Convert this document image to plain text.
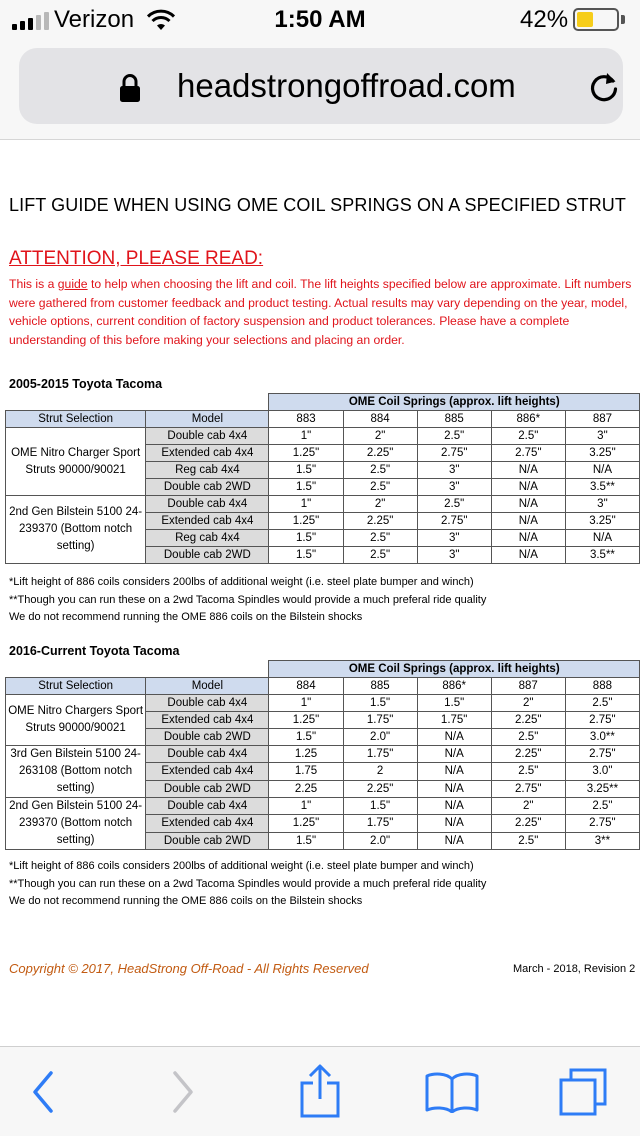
Verizon	1:50 AM	42%
headstrongoffroad.com
LIFT GUIDE WHEN USING OME COIL SPRINGS ON A SPECIFIED STRUT
ATTENTION, PLEASE READ:
This is a guide to help when choosing the lift and coil. The lift heights specified below are approximate. Lift numbers were gathered from customer feedback and product testing. Actual results may vary depending on the year, model, vehicle options, current condition of factory suspension and product tolerances. Please have a complete understanding of this before making your selections and placing an order.
2005-2015 Toyota Tacoma
		OME Coil Springs (approx. lift heights)				
Strut Selection	Model	883	884	885	886*	887
OME Nitro Charger Sport Struts 90000/90021	Double cab 4x4	1"	2"	2.5"	2.5"	3"
	Extended cab 4x4	1.25"	2.25"	2.75"	2.75"	3.25"
	Reg cab 4x4	1.5"	2.5"	3"	N/A	N/A
	Double cab 2WD	1.5"	2.5"	3"	N/A	3.5**
2nd Gen Bilstein 5100 24-239370 (Bottom notch setting)	Double cab 4x4	1"	2"	2.5"	N/A	3"
	Extended cab 4x4	1.25"	2.25"	2.75"	N/A	3.25"
	Reg cab 4x4	1.5"	2.5"	3"	N/A	N/A
	Double cab 2WD	1.5"	2.5"	3"	N/A	3.5**
*Lift height of 886 coils considers 200lbs of additional weight (i.e. steel plate bumper and winch)
**Though you can run these on a 2wd Tacoma Spindles would provide a much preferal ride quality
We do not recommend running the OME 886 coils on the Bilstein shocks
2016-Current Toyota Tacoma
		OME Coil Springs (approx. lift heights)				
Strut Selection	Model	884	885	886*	887	888
OME Nitro Chargers Sport Struts 90000/90021	Double cab 4x4	1"	1.5"	1.5"	2"	2.5"
	Extended cab 4x4	1.25"	1.75"	1.75"	2.25"	2.75"
	Double cab 2WD	1.5"	2.0"	N/A	2.5"	3.0**
3rd Gen Bilstein 5100 24-263108 (Bottom notch setting)	Double cab 4x4	1.25	1.75"	N/A	2.25"	2.75"
	Extended cab 4x4	1.75	2	N/A	2.5"	3.0"
	Double cab 2WD	2.25	2.25"	N/A	2.75"	3.25**
2nd Gen Bilstein 5100 24-239370 (Bottom notch setting)	Double cab 4x4	1"	1.5"	N/A	2"	2.5"
	Extended cab 4x4	1.25"	1.75"	N/A	2.25"	2.75"
	Double cab 2WD	1.5"	2.0"	N/A	2.5"	3**
*Lift height of 886 coils considers 200lbs of additional weight (i.e. steel plate bumper and winch)
**Though you can run these on a 2wd Tacoma Spindles would provide a much preferal ride quality
We do not recommend running the OME 886 coils on the Bilstein shocks
Copyright © 2017, HeadStrong Off-Road - All Rights Reserved	March - 2018, Revision 2
